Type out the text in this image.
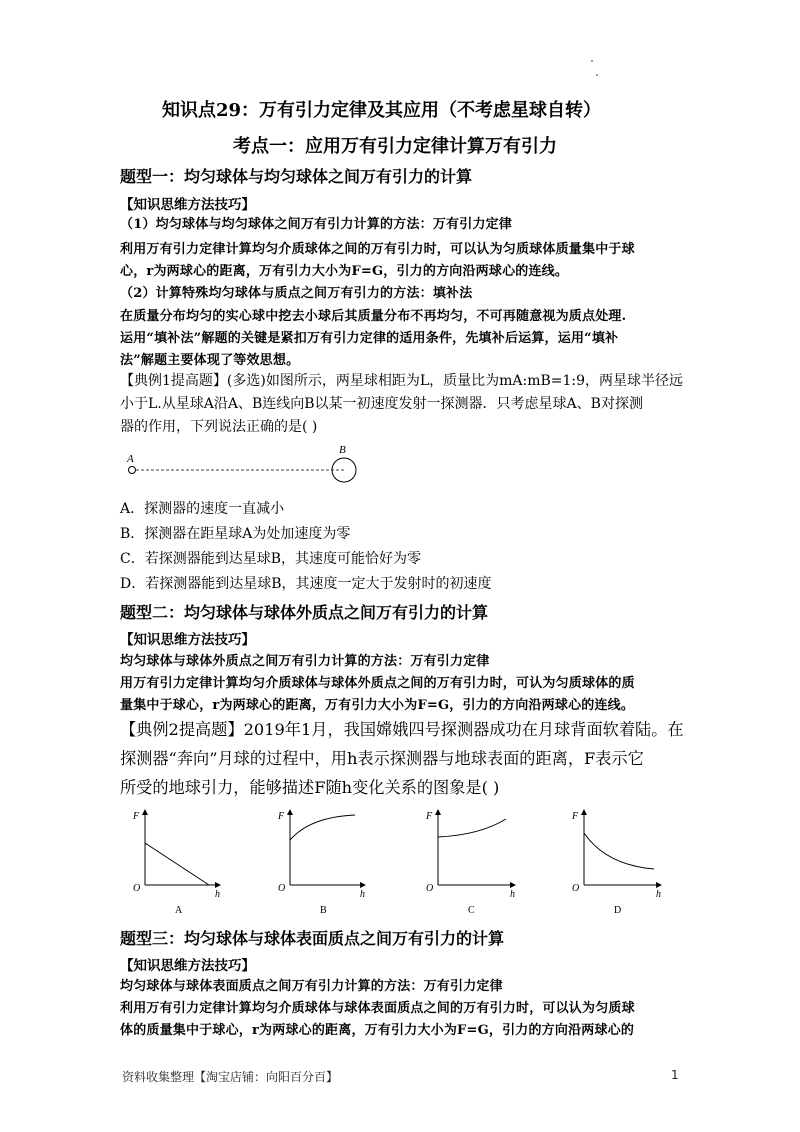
知识点29：万有引力定律及其应用（不考虑星球自转）
考点一：应用万有引力定律计算万有引力
题型一：均匀球体与均匀球体之间万有引力的计算
【知识思维方法技巧】
（1）均匀球体与均匀球体之间万有引力计算的方法：万有引力定律
利用万有引力定律计算均匀介质球体之间的万有引力时，可以认为匀质球体质量集中于球
心，r为两球心的距离，万有引力大小为F=G，引力的方向沿两球心的连线。
（2）计算特殊均匀球体与质点之间万有引力的方法：填补法
在质量分布均匀的实心球中挖去小球后其质量分布不再均匀，不可再随意视为质点处理.
运用“填补法”解题的关键是紧扣万有引力定律的适用条件，先填补后运算，运用“填补
法”解题主要体现了等效思想。
【典例1提高题】(多选)如图所示，两星球相距为L，质量比为mA:mB=1:9，两星球半径远
小于L.从星球A沿A、B连线向B以某一初速度发射一探测器．只考虑星球A、B对探测
器的作用，下列说法正确的是( )
A
B
A．探测器的速度一直减小
B．探测器在距星球A为处加速度为零
C．若探测器能到达星球B，其速度可能恰好为零
D．若探测器能到达星球B，其速度一定大于发射时的初速度
题型二：均匀球体与球体外质点之间万有引力的计算
【知识思维方法技巧】
均匀球体与球体外质点之间万有引力计算的方法：万有引力定律
用万有引力定律计算均匀介质球体与球体外质点之间的万有引力时，可认为匀质球体的质
量集中于球心，r为两球心的距离，万有引力大小为F=G，引力的方向沿两球心的连线。
【典例2提高题】2019年1月，我国嫦娥四号探测器成功在月球背面软着陆。在
探测器“奔向”月球的过程中，用h表示探测器与地球表面的距离，F表示它
所受的地球引力，能够描述F随h变化关系的图象是( )
F
O
h
A
F
O
h
B
F
O
h
C
F
O
h
D
题型三：均匀球体与球体表面质点之间万有引力的计算
【知识思维方法技巧】
均匀球体与球体表面质点之间万有引力计算的方法：万有引力定律
利用万有引力定律计算均匀介质球体与球体表面质点之间的万有引力时，可以认为匀质球
体的质量集中于球心，r为两球心的距离，万有引力大小为F=G，引力的方向沿两球心的
资料收集整理【淘宝店铺：向阳百分百】	1
